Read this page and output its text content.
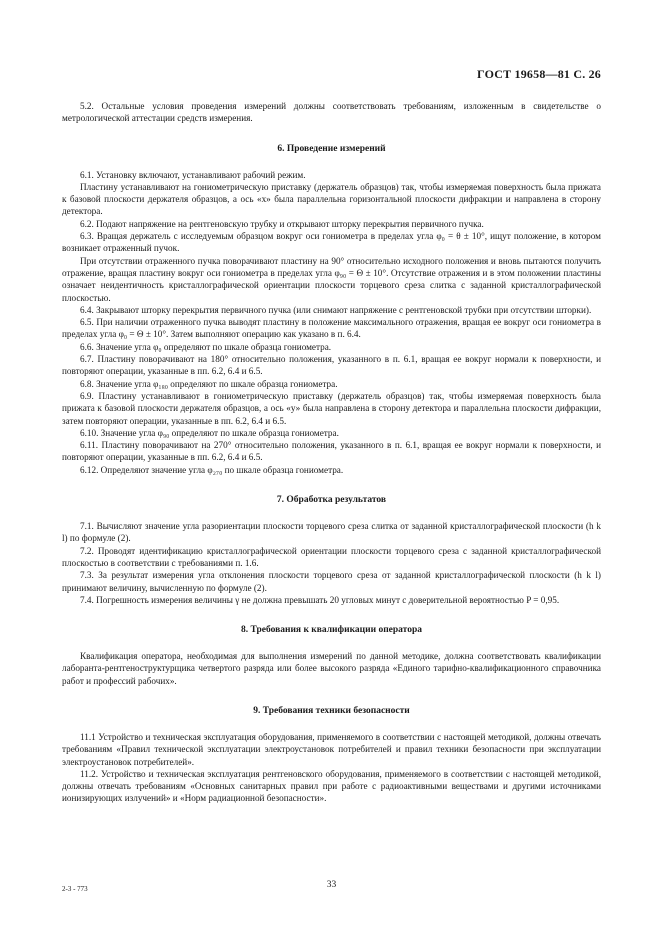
ГОСТ 19658—81 С. 26

5.2. Остальные условия проведения измерений должны соответствовать требованиям, изложенным в свидетельстве о метрологической аттестации средств измерения.

6. Проведение измерений

6.1. Установку включают, устанавливают рабочий режим.

Пластину устанавливают на гониометрическую приставку (держатель образцов) так, чтобы измеряемая поверхность была прижата к базовой плоскости держателя образцов, а ось «х» была параллельна горизонтальной плоскости дифракции и направлена в сторону детектора.

6.2. Подают напряжение на рентгеновскую трубку и открывают шторку перекрытия первичного пучка.

6.3. Вращая держатель с исследуемым образцом вокруг оси гониометра в пределах угла φ₀ = θ ± 10°, ищут положение, в котором возникает отраженный пучок.

При отсутствии отраженного пучка поворачивают пластину на 90° относительно исходного положения и вновь пытаются получить отражение, вращая пластину вокруг оси гониометра в пределах угла φ₉₀ = Θ ± 10°. Отсутствие отражения и в этом положении пластины означает неидентичность кристаллографической ориентации плоскости торцевого среза слитка с заданной кристаллографической плоскостью.

6.4. Закрывают шторку перекрытия первичного пучка (или снимают напряжение с рентгеновской трубки при отсутствии шторки).

6.5. При наличии отраженного пучка выводят пластину в положение максимального отражения, вращая ее вокруг оси гониометра в пределах угла φ₀ = Θ ± 10°. Затем выполняют операцию как указано в п. 6.4.

6.6. Значение угла φ₀ определяют по шкале образца гониометра.

6.7. Пластину поворачивают на 180° относительно положения, указанного в п. 6.1, вращая ее вокруг нормали к поверхности, и повторяют операции, указанные в пп. 6.2, 6.4 и 6.5.

6.8. Значение угла φ₁₈₀ определяют по шкале образца гониометра.

6.9. Пластину устанавливают в гониометрическую приставку (держатель образцов) так, чтобы измеряемая поверхность была прижата к базовой плоскости держателя образцов, а ось «у» была направлена в сторону детектора и параллельна плоскости дифракции, затем повторяют операции, указанные в пп. 6.2, 6.4 и 6.5.

6.10. Значение угла φ₉₀ определяют по шкале образца гониометра.

6.11. Пластину поворачивают на 270° относительно положения, указанного в п. 6.1, вращая ее вокруг нормали к поверхности, и повторяют операции, указанные в пп. 6.2, 6.4 и 6.5.

6.12. Определяют значение угла φ₂₇₀ по шкале образца гониометра.

7. Обработка результатов

7.1. Вычисляют значение угла разориентации плоскости торцевого среза слитка от заданной кристаллографической плоскости (h k l) по формуле (2).

7.2. Проводят идентификацию кристаллографической ориентации плоскости торцевого среза с заданной кристаллографической плоскостью в соответствии с требованиями п. 1.6.

7.3. За результат измерения угла отклонения плоскости торцевого среза от заданной кристаллографической плоскости (h k l) принимают величину, вычисленную по формуле (2).

7.4. Погрешность измерения величины γ не должна превышать 20 угловых минут с доверительной вероятностью P = 0,95.

8. Требования к квалификации оператора

Квалификация оператора, необходимая для выполнения измерений по данной методике, должна соответствовать квалификации лаборанта-рентгеноструктурщика четвертого разряда или более высокого разряда «Единого тарифно-квалификационного справочника работ и профессий рабочих».

9. Требования техники безопасности

11.1 Устройство и техническая эксплуатация оборудования, применяемого в соответствии с настоящей методикой, должны отвечать требованиям «Правил технической эксплуатации электроустановок потребителей и правил техники безопасности при эксплуатации электроустановок потребителей».

11.2. Устройство и техническая эксплуатация рентгеновского оборудования, применяемого в соответствии с настоящей методикой, должны отвечать требованиям «Основных санитарных правил при работе с радиоактивными веществами и другими источниками ионизирующих излучений» и «Норм радиационной безопасности».

2-3 - 773	33
